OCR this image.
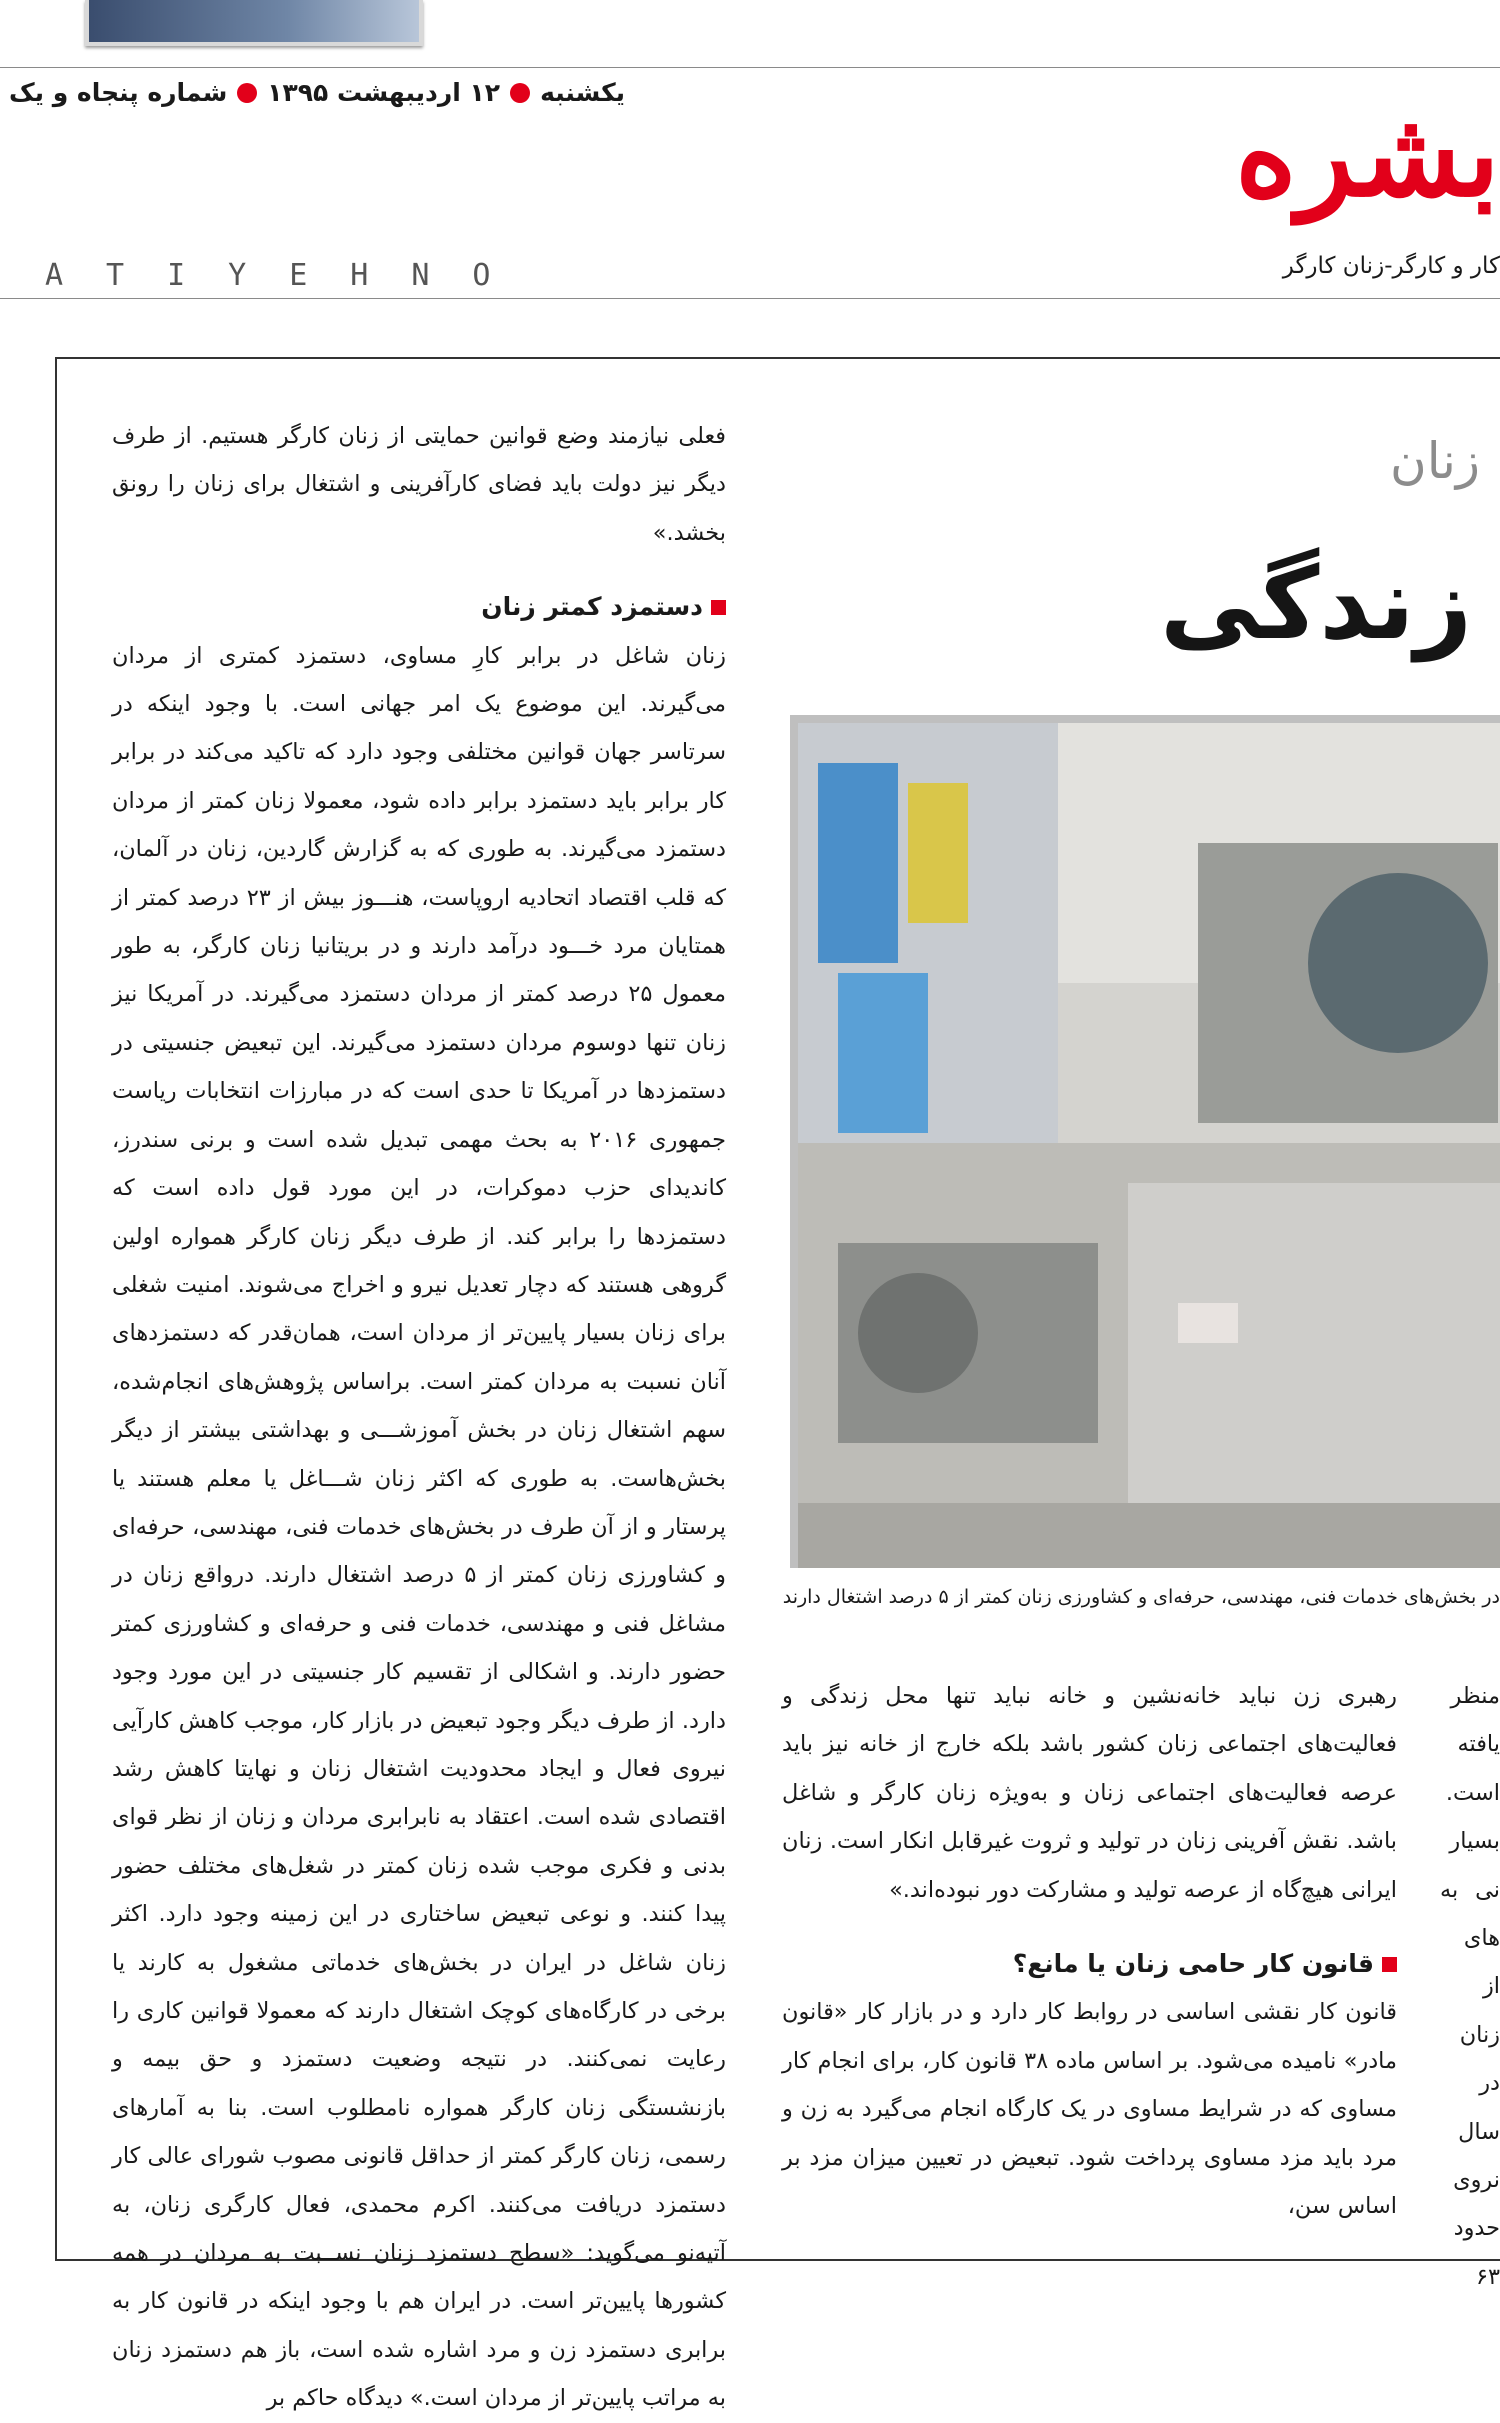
یکشنبه
۱۲ اردیبهشت ۱۳۹۵
شماره پنجاه و یک	بشره
کار و کارگر-زنان کارگر
ATIYEHNO
فعلی نیازمند وضع قوانین حمایتی از زنان کارگر هستیم. از طرف دیگر نیز دولت باید فضای کارآفرینی و اشتغال برای زنان را رونق بخشد.»
دستمزد کمتر زنان
زنان شاغل در برابر کارِ مساوی، دستمزد کمتری از مردان می‌گیرند. این موضوع یک امر جهانی است. با وجود اینکه در سرتاسر جهان قوانین مختلفی وجود دارد که تاکید می‌کند در برابر کار برابر باید دستمزد برابر داده شود، معمولا زنان کمتر از مردان دستمزد می‌گیرند. به طوری که به گزارش گاردین، زنان در آلمان، که قلب اقتصاد اتحادیه اروپاست، هنـــوز بیش از ۲۳ درصد کمتر از همتایان مرد خـــود درآمد دارند و در بریتانیا زنان کارگر، به طور معمول ۲۵ درصد کمتر از مردان دستمزد می‌گیرند. در آمریکا نیز زنان تنها دوسوم مردان دستمزد می‌گیرند. این تبعیض جنسیتی در دستمزدها در آمریکا تا حدی است که در مبارزات انتخابات ریاست جمهوری ۲۰۱۶ به بحث مهمی تبدیل شده است و برنی سندرز، کاندیدای حزب دموکرات، در این مورد قول داده است که دستمزدها را برابر کند. از طرف دیگر زنان کارگر همواره اولین گروهی هستند که دچار تعدیل نیرو و اخراج می‌شوند. امنیت شغلی برای زنان بسیار پایین‌تر از مردان است، همان‌قدر که دستمزدهای آنان نسبت به مردان کمتر است. براساس پژوهش‌های انجام‌شده، سهم اشتغال زنان در بخش آموزشـــی و بهداشتی بیشتر از دیگر بخش‌هاست. به طوری که اکثر زنان شـــاغل یا معلم هستند یا پرستار و از آن طرف در بخش‌های خدمات فنی، مهندسی، حرفه‌ای و کشاورزی زنان کمتر از ۵ درصد اشتغال دارند. درواقع زنان در مشاغل فنی و مهندسی، خدمات فنی و حرفه‌ای و کشاورزی کمتر حضور دارند. و اشکالی از تقسیم کار جنسیتی در این مورد وجود دارد. از طرف دیگر وجود تبعیض در بازار کار، موجب کاهش کارآیی نیروی فعال و ایجاد محدودیت اشتغال زنان و نهایتا کاهش رشد اقتصادی شده است. اعتقاد به نابرابری مردان و زنان از نظر قوای بدنی و فکری موجب شده زنان کمتر در شغل‌های مختلف حضور پیدا کنند. و نوعی تبعیض ساختاری در این زمینه وجود دارد. اکثر زنان شاغل در ایران در بخش‌های خدماتی مشغول به کارند یا برخی در کارگاه‌های کوچک اشتغال دارند که معمولا قوانین کاری را رعایت نمی‌کنند. در نتیجه وضعیت دستمزد و حق بیمه و بازنشستگی زنان کارگر همواره نامطلوب است. بنا به آمارهای رسمی، زنان کارگر کمتر از حداقل قانونی مصوب شورای عالی کار دستمزد دریافت می‌کنند. اکرم محمدی، فعال کارگری زنان، به آتیه‌نو می‌گوید: «سطح دستمزد زنان نســبت به مردان در همه کشورها پایین‌تر است. در ایران هم با وجود اینکه در قانون کار به برابری دستمزد زن و مرد اشاره شده است، باز هم دستمزد زنان به مراتب پایین‌تر از مردان است.» دیدگاه حاکم بر
زنان
زندگی
در بخش‌های خدمات فنی، مهندسی، حرفه‌ای و کشاورزی زنان کمتر از ۵ درصد اشتغال دارند
رهبری زن نباید خانه‌نشین و خانه نباید تنها محل زندگی و فعالیت‌های اجتماعی زنان کشور باشد بلکه خارج از خانه نیز باید عرصه فعالیت‌های اجتماعی زنان و به‌ویژه زنان کارگر و شاغل باشد. نقش آفرینی زنان در تولید و ثروت غیرقابل انکار است. زنان ایرانی هیچ‌گاه از عرصه تولید و مشارکت دور نبوده‌اند.»
قانون کار حامی زنان یا مانع؟
قانون کار نقشی اساسی در روابط کار دارد و در بازار کار «قانون مادر» نامیده می‌شود. بر اساس ماده ۳۸ قانون کار، برای انجام کار مساوی که در شرایط مساوی در یک کارگاه انجام می‌گیرد به زن و مرد باید مزد مساوی پرداخت شود. تبعیض در تعیین میزان مزد بر اساس سن،
منظر یافته است. بسیار نی به های از زنان در سال نروی حدود ۶۳
